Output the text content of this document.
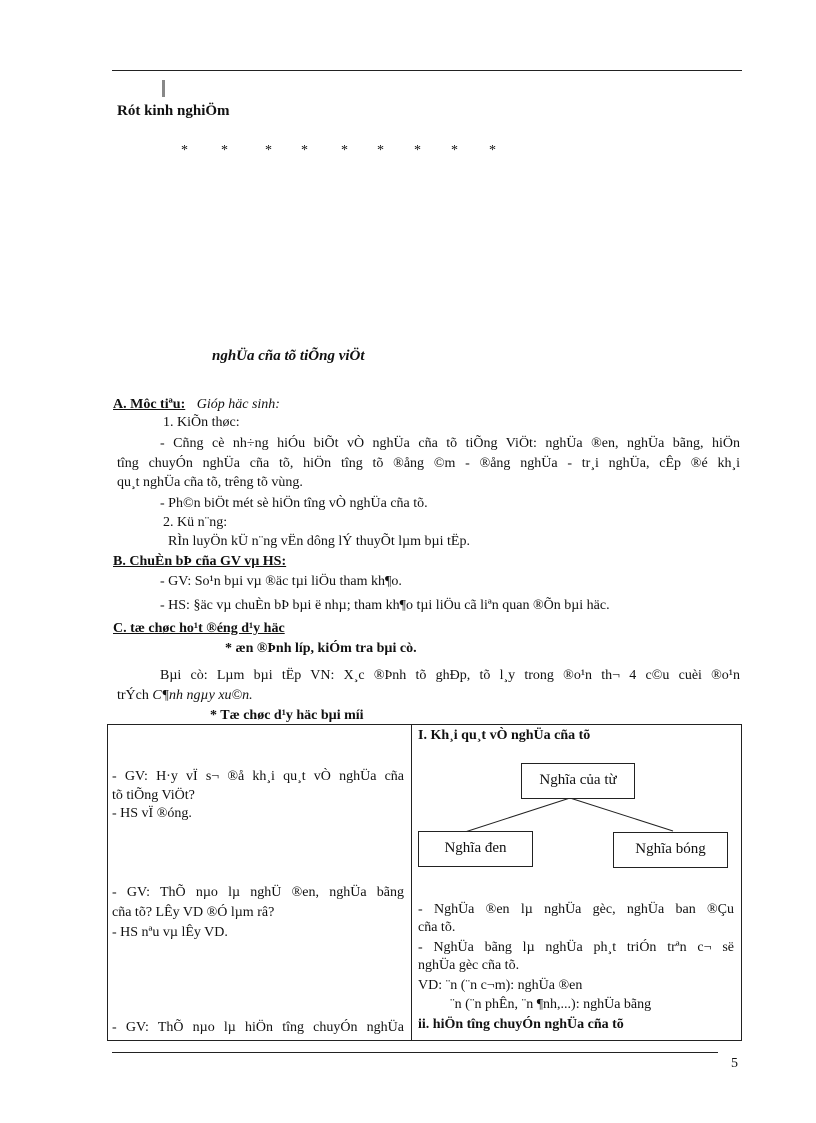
Rót kinh nghiÖm
* *	* * * * * * *
nghÜa cña tõ tiÕng viÖt
A. Môc tiªu: Gióp häc sinh:
1. KiÕn thøc:
- Cñng cè nh÷ng hiÓu biÕt vÒ nghÜa cña tõ tiÕng ViÖt: nghÜa ®en, nghÜa bãng, hiÖn
tîng chuyÓn nghÜa cña tõ, hiÖn tîng tõ ®ång ©m - ®ång nghÜa - tr¸i nghÜa, cÊp ®é kh¸i
qu¸t nghÜa cña tõ, trêng tõ vùng.
- Ph©n biÖt mét sè hiÖn tîng vÒ nghÜa cña tõ.
2. Kü n¨ng:
RÌn luyÖn kÜ n¨ng vËn dông lÝ thuyÕt lµm bµi tËp.
B. ChuÈn bÞ cña GV vµ HS:
- GV: So¹n bµi vµ ®äc tµi liÖu tham kh¶o.
- HS: §äc vµ chuÈn bÞ bµi ë nhµ; tham kh¶o tµi liÖu cã liªn quan ®Õn bµi häc.
C. tæ chøc ho¹t ®éng d¹y häc
* æn ®Þnh líp, kiÓm tra bµi cò.
Bµi cò: Lµm bµi tËp VN: X¸c ®Þnh tõ ghÐp, tõ l¸y trong ®o¹n th¬ 4 c©u cuèi ®o¹n
trÝch C¶nh ngµy xu©n.
* Tæ chøc d¹y häc bµi míi
- GV: H·y vÏ s¬ ®å kh¸i qu¸t vÒ nghÜa cña
tõ tiÕng ViÖt?
- HS vÏ ®óng.
- GV: ThÕ nµo lµ nghÜ ®en, nghÜa bãng
cña tõ? LÊy VD ®Ó lµm râ?
- HS nªu vµ lÊy VD.
- GV: ThÕ nµo lµ hiÖn tîng chuyÓn nghÜa
I. Kh¸i qu¸t vÒ nghÜa cña tõ
Nghĩa của từ
Nghĩa đen	Nghĩa bóng
- NghÜa ®en lµ nghÜa gèc, nghÜa ban ®Çu
cña tõ.
- NghÜa bãng lµ nghÜa ph¸t triÓn trªn c¬ së
nghÜa gèc cña tõ.
VD: ¨n (¨n c¬m): nghÜa ®en
¨n (¨n phÊn, ¨n ¶nh,...): nghÜa bãng
ii. hiÖn tîng chuyÓn nghÜa cña tõ
5
